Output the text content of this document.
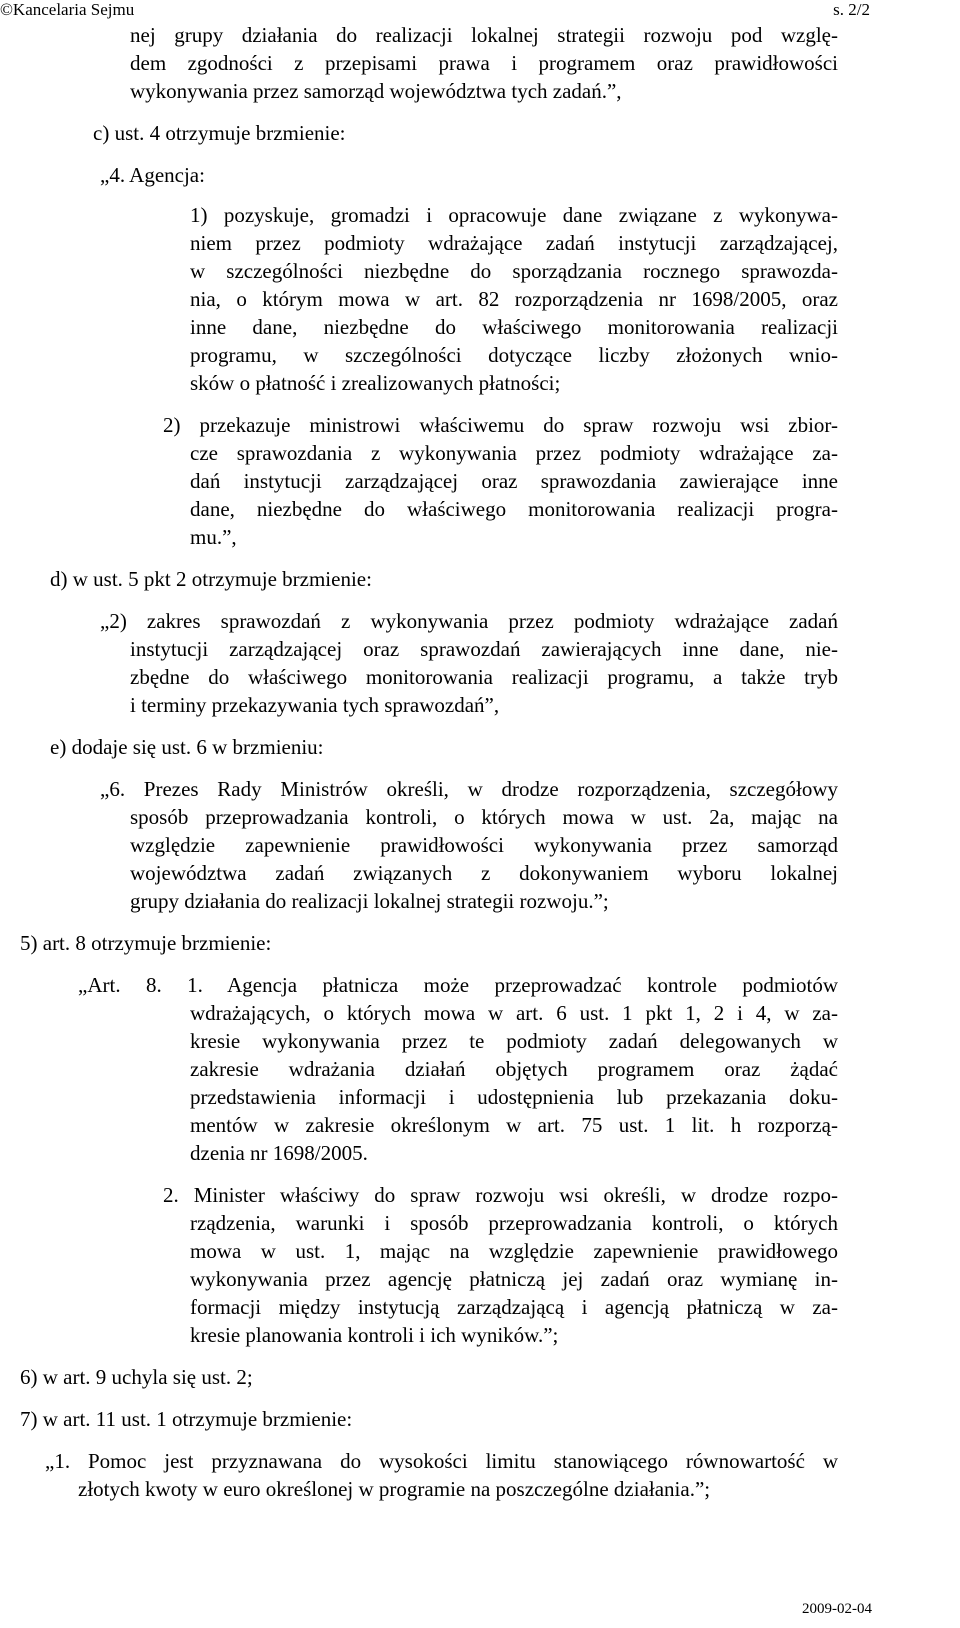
©Kancelaria Sejmu	s. 2/2
nej grupy działania do realizacji lokalnej strategii rozwoju pod wzglę-
dem zgodności z przepisami prawa i programem oraz prawidłowości
wykonywania przez samorząd województwa tych zadań.”,
c) ust. 4 otrzymuje brzmienie:
„4. Agencja:
1) pozyskuje, gromadzi i opracowuje dane związane z wykonywa-
niem przez podmioty wdrażające zadań instytucji zarządzającej,
w szczególności niezbędne do sporządzania rocznego sprawozda-
nia, o którym mowa w art. 82 rozporządzenia nr 1698/2005, oraz
inne dane, niezbędne do właściwego monitorowania realizacji
programu, w szczególności dotyczące liczby złożonych wnio-
sków o płatność i zrealizowanych płatności;
2) przekazuje ministrowi właściwemu do spraw rozwoju wsi zbior-
cze sprawozdania z wykonywania przez podmioty wdrażające za-
dań instytucji zarządzającej oraz sprawozdania zawierające inne
dane, niezbędne do właściwego monitorowania realizacji progra-
mu.”,
d) w ust. 5 pkt 2 otrzymuje brzmienie:
„2) zakres sprawozdań z wykonywania przez podmioty wdrażające zadań
instytucji zarządzającej oraz sprawozdań zawierających inne dane, nie-
zbędne do właściwego monitorowania realizacji programu, a także tryb
i terminy przekazywania tych sprawozdań”,
e) dodaje się ust. 6 w brzmieniu:
„6. Prezes Rady Ministrów określi, w drodze rozporządzenia, szczegółowy
sposób przeprowadzania kontroli, o których mowa w ust. 2a, mając na
względzie zapewnienie prawidłowości wykonywania przez samorząd
województwa zadań związanych z dokonywaniem wyboru lokalnej
grupy działania do realizacji lokalnej strategii rozwoju.”;
5) art. 8 otrzymuje brzmienie:
„Art. 8. 1. Agencja płatnicza może przeprowadzać kontrole podmiotów
wdrażających, o których mowa w art. 6 ust. 1 pkt 1, 2 i 4, w za-
kresie wykonywania przez te podmioty zadań delegowanych w
zakresie wdrażania działań objętych programem oraz żądać
przedstawienia informacji i udostępnienia lub przekazania doku-
mentów w zakresie określonym w art. 75 ust. 1 lit. h rozporzą-
dzenia nr 1698/2005.
2. Minister właściwy do spraw rozwoju wsi określi, w drodze rozpo-
rządzenia, warunki i sposób przeprowadzania kontroli, o których
mowa w ust. 1, mając na względzie zapewnienie prawidłowego
wykonywania przez agencję płatniczą jej zadań oraz wymianę in-
formacji między instytucją zarządzającą i agencją płatniczą w za-
kresie planowania kontroli i ich wyników.”;
6) w art. 9 uchyla się ust. 2;
7) w art. 11 ust. 1 otrzymuje brzmienie:
„1. Pomoc jest przyznawana do wysokości limitu stanowiącego równowartość w
złotych kwoty w euro określonej w programie na poszczególne działania.”;
2009-02-04
